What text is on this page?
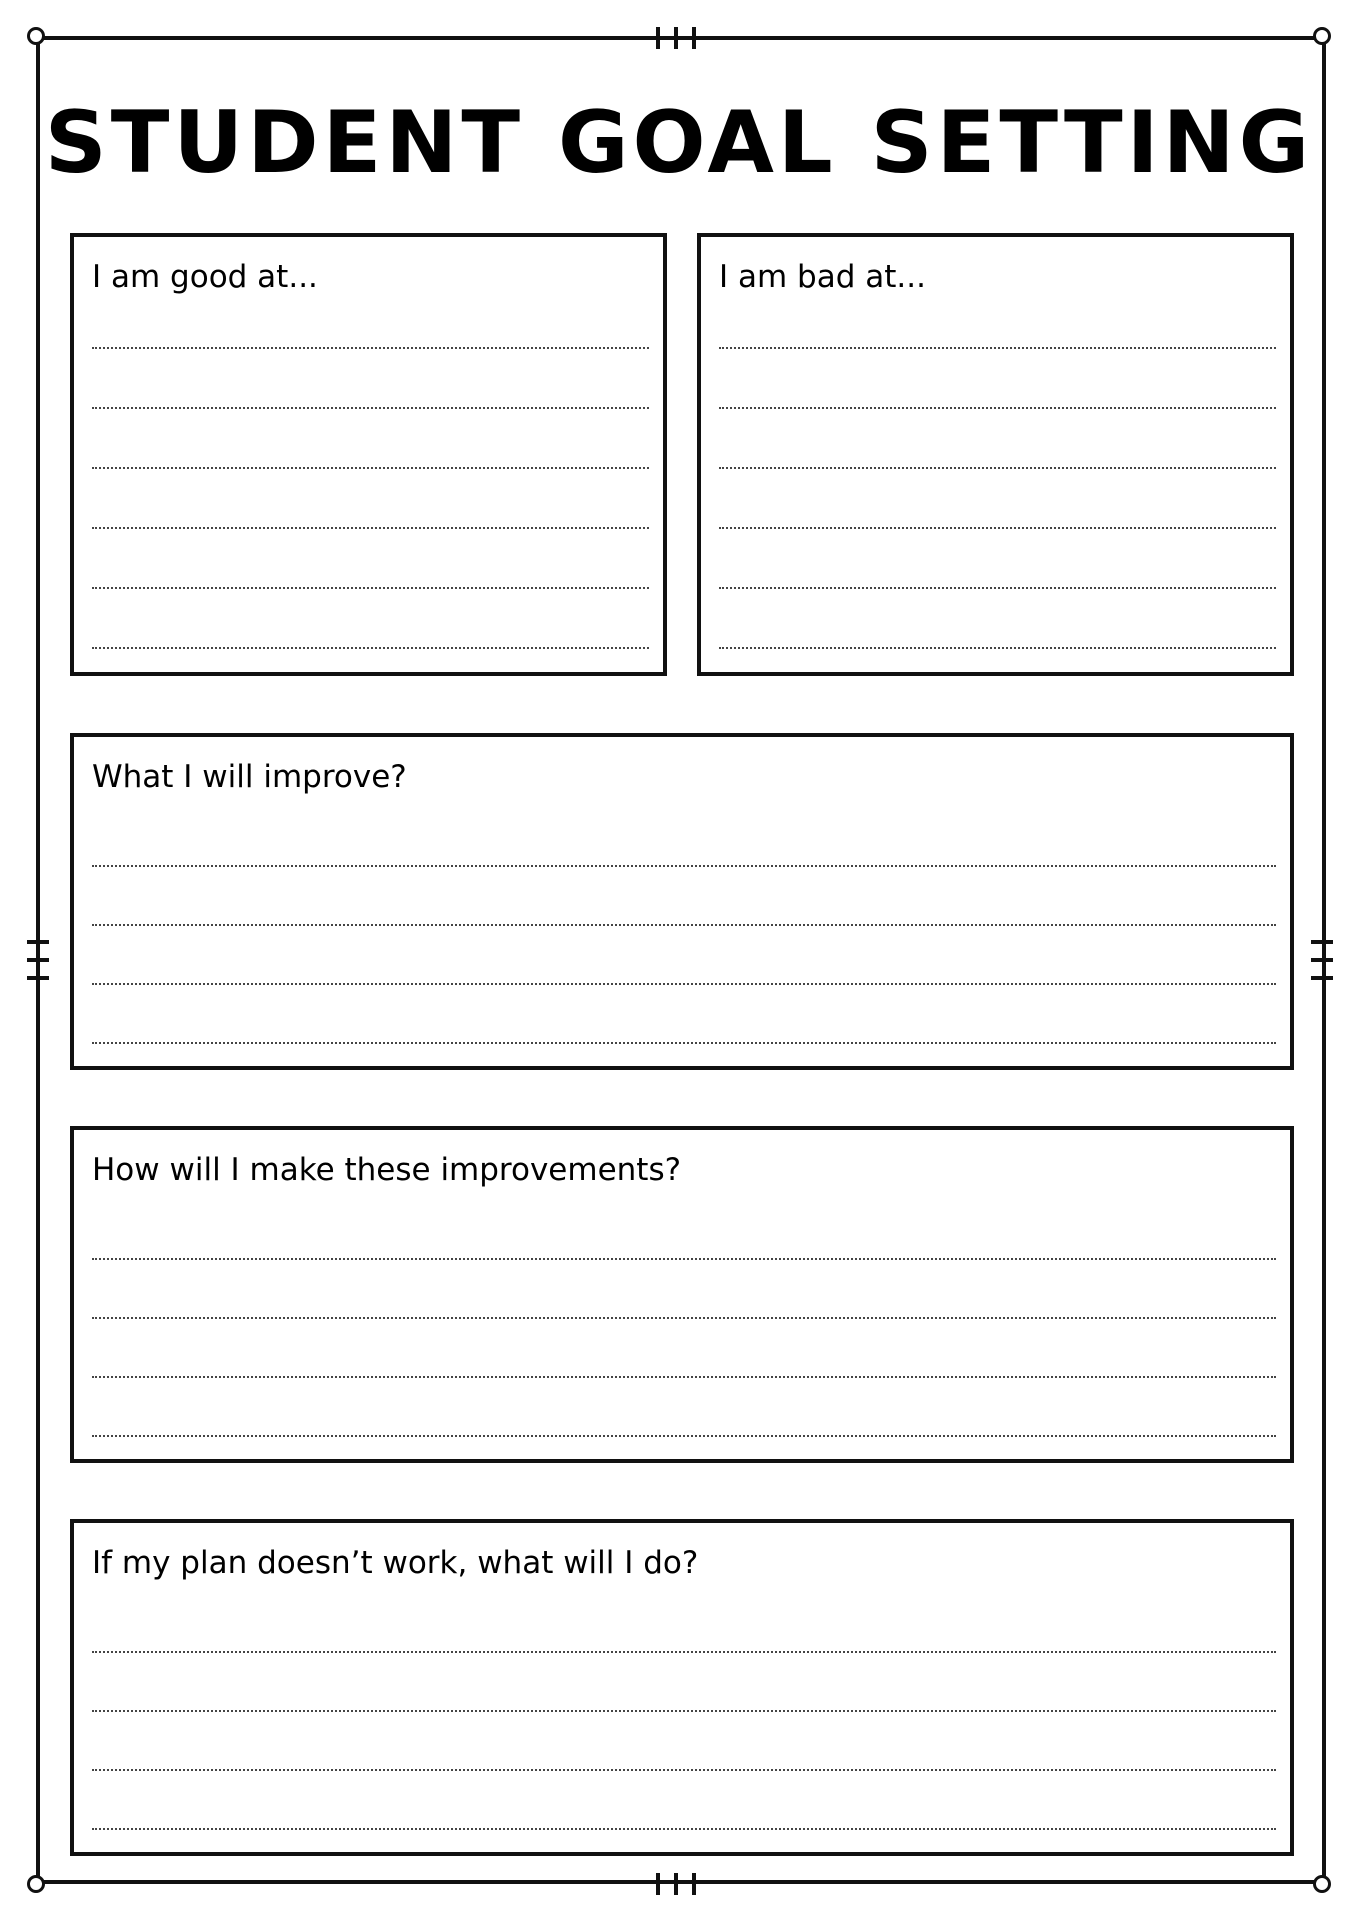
STUDENT GOAL SETTING
I am good at...	I am bad at...
What I will improve?
How will I make these improvements?
If my plan doesn’t work, what will I do?
